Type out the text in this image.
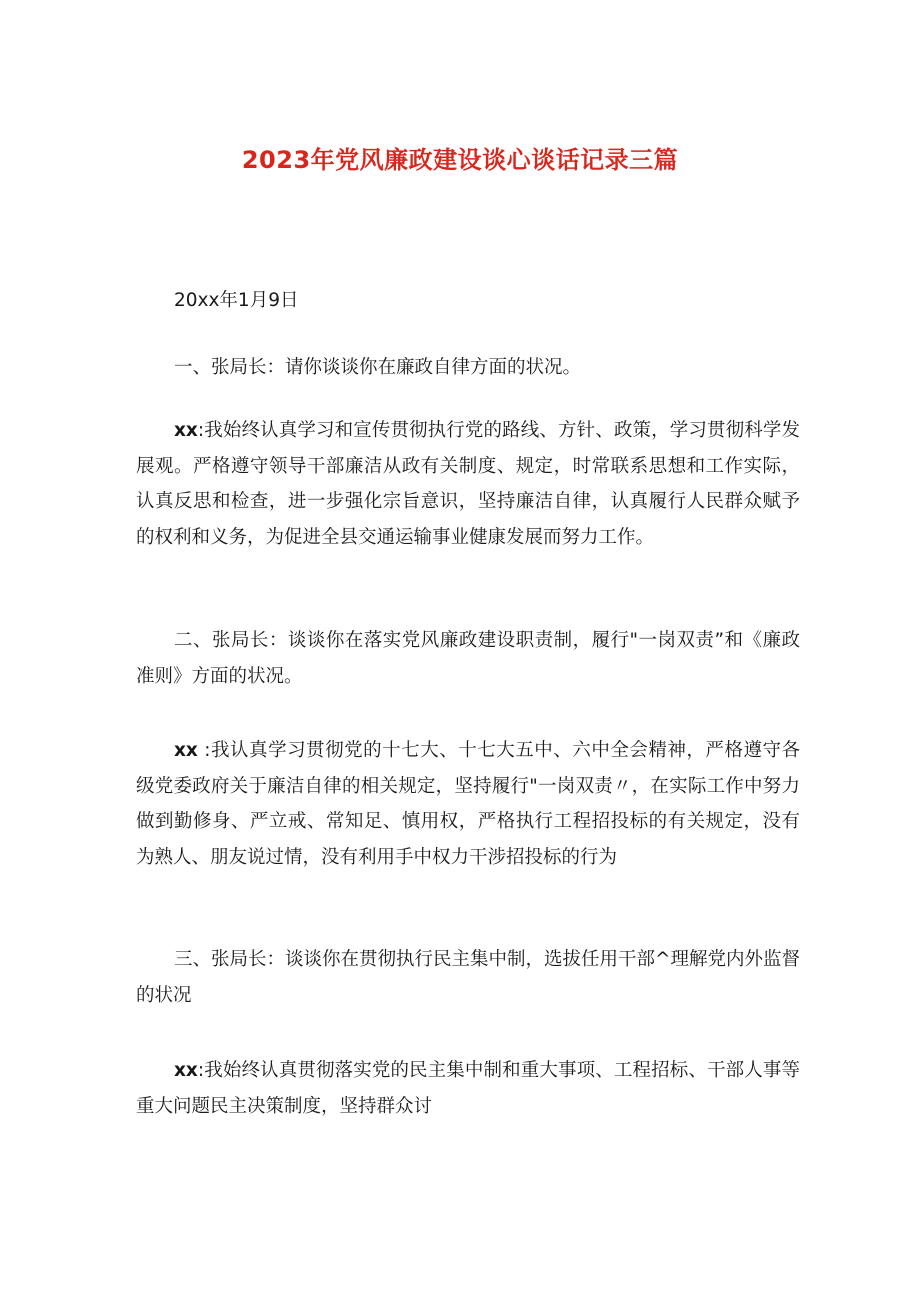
2023年党风廉政建设谈心谈话记录三篇

20xx年1月9日

一、张局长：请你谈谈你在廉政自律方面的状况。

xx:我始终认真学习和宣传贯彻执行党的路线、方针、政策，学习贯彻科学发展观。严格遵守领导干部廉洁从政有关制度、规定，时常联系思想和工作实际，认真反思和检查，进一步强化宗旨意识，坚持廉洁自律，认真履行人民群众赋予的权利和义务，为促进全县交通运输事业健康发展而努力工作。

二、张局长：谈谈你在落实党风廉政建设职责制，履行"一岗双责”和《廉政准则》方面的状况。

xx :我认真学习贯彻党的十七大、十七大五中、六中全会精神，严格遵守各级党委政府关于廉洁自律的相关规定，坚持履行"一岗双责〃，在实际工作中努力做到勤修身、严立戒、常知足、慎用权，严格执行工程招投标的有关规定，没有为熟人、朋友说过情，没有利用手中权力干涉招投标的行为

三、张局长：谈谈你在贯彻执行民主集中制，选拔任用干部^理解党内外监督的状况

xx:我始终认真贯彻落实党的民主集中制和重大事项、工程招标、干部人事等重大问题民主决策制度，坚持群众讨
